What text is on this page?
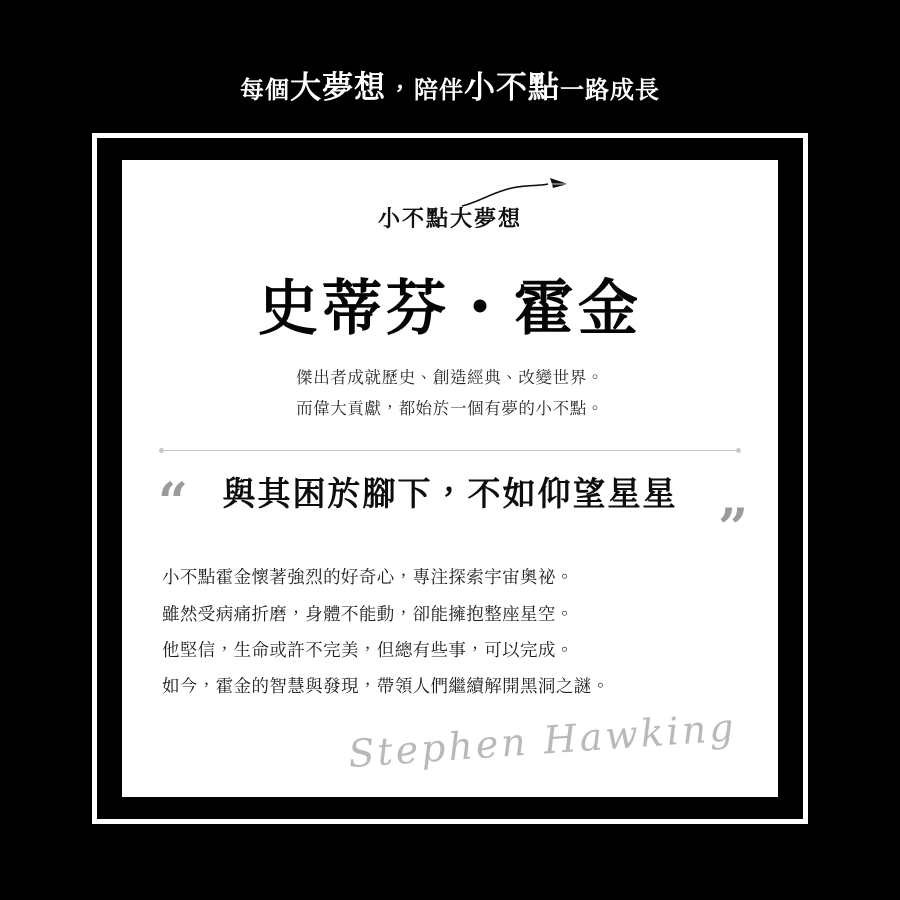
每個大夢想，陪伴小不點一路成長
小不點大夢想
史蒂芬・霍金
傑出者成就歷史、創造經典、改變世界。
而偉大貢獻，都始於一個有夢的小不點。
“ 與其困於腳下，不如仰望星星
”
小不點霍金懷著強烈的好奇心，專注探索宇宙奧祕。
雖然受病痛折磨，身體不能動，卻能擁抱整座星空。
他堅信，生命或許不完美，但總有些事，可以完成。
如今，霍金的智慧與發現，帶領人們繼續解開黑洞之謎。
Stephen Hawking
